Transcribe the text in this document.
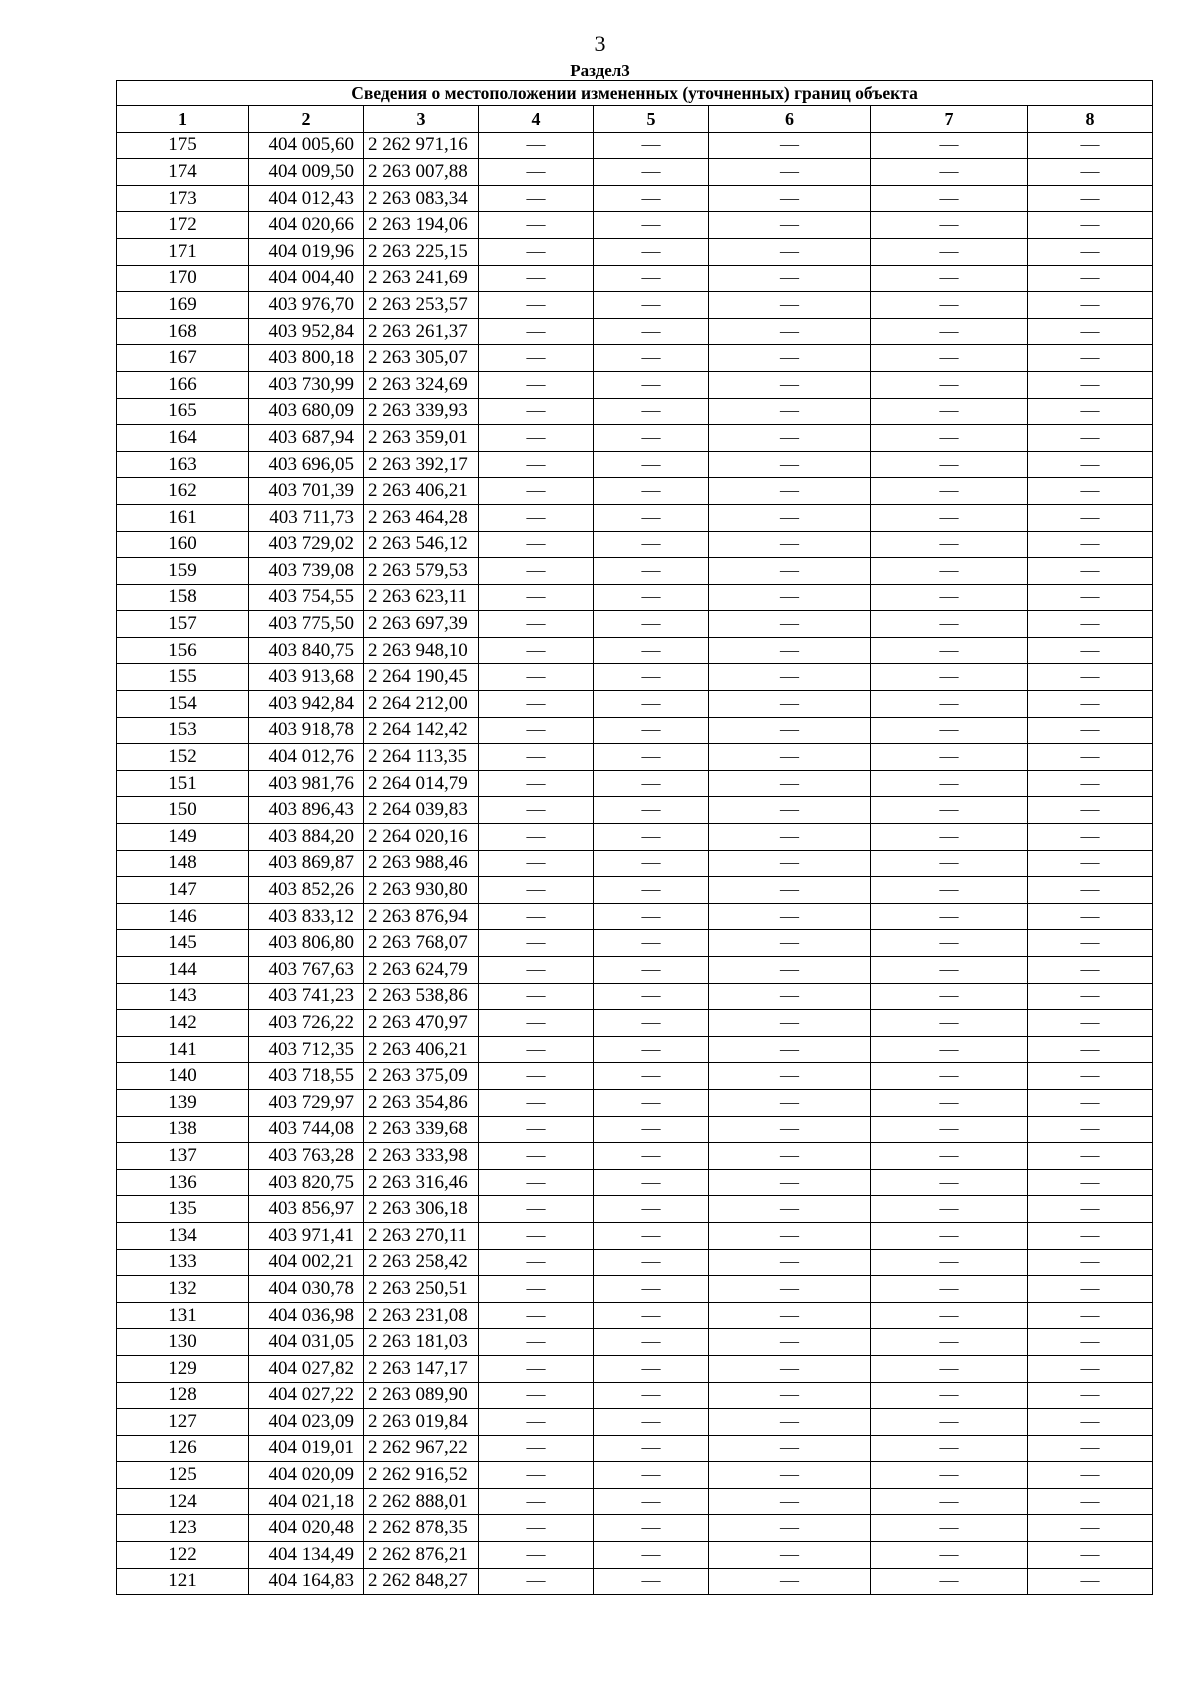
3
Раздел3
Сведения о местоположении измененных (уточненных) границ объекта							
1	2	3	4	5	6	7	8
175	404 005,60	2 262 971,16	—	—	—	—	—
174	404 009,50	2 263 007,88	—	—	—	—	—
173	404 012,43	2 263 083,34	—	—	—	—	—
172	404 020,66	2 263 194,06	—	—	—	—	—
171	404 019,96	2 263 225,15	—	—	—	—	—
170	404 004,40	2 263 241,69	—	—	—	—	—
169	403 976,70	2 263 253,57	—	—	—	—	—
168	403 952,84	2 263 261,37	—	—	—	—	—
167	403 800,18	2 263 305,07	—	—	—	—	—
166	403 730,99	2 263 324,69	—	—	—	—	—
165	403 680,09	2 263 339,93	—	—	—	—	—
164	403 687,94	2 263 359,01	—	—	—	—	—
163	403 696,05	2 263 392,17	—	—	—	—	—
162	403 701,39	2 263 406,21	—	—	—	—	—
161	403 711,73	2 263 464,28	—	—	—	—	—
160	403 729,02	2 263 546,12	—	—	—	—	—
159	403 739,08	2 263 579,53	—	—	—	—	—
158	403 754,55	2 263 623,11	—	—	—	—	—
157	403 775,50	2 263 697,39	—	—	—	—	—
156	403 840,75	2 263 948,10	—	—	—	—	—
155	403 913,68	2 264 190,45	—	—	—	—	—
154	403 942,84	2 264 212,00	—	—	—	—	—
153	403 918,78	2 264 142,42	—	—	—	—	—
152	404 012,76	2 264 113,35	—	—	—	—	—
151	403 981,76	2 264 014,79	—	—	—	—	—
150	403 896,43	2 264 039,83	—	—	—	—	—
149	403 884,20	2 264 020,16	—	—	—	—	—
148	403 869,87	2 263 988,46	—	—	—	—	—
147	403 852,26	2 263 930,80	—	—	—	—	—
146	403 833,12	2 263 876,94	—	—	—	—	—
145	403 806,80	2 263 768,07	—	—	—	—	—
144	403 767,63	2 263 624,79	—	—	—	—	—
143	403 741,23	2 263 538,86	—	—	—	—	—
142	403 726,22	2 263 470,97	—	—	—	—	—
141	403 712,35	2 263 406,21	—	—	—	—	—
140	403 718,55	2 263 375,09	—	—	—	—	—
139	403 729,97	2 263 354,86	—	—	—	—	—
138	403 744,08	2 263 339,68	—	—	—	—	—
137	403 763,28	2 263 333,98	—	—	—	—	—
136	403 820,75	2 263 316,46	—	—	—	—	—
135	403 856,97	2 263 306,18	—	—	—	—	—
134	403 971,41	2 263 270,11	—	—	—	—	—
133	404 002,21	2 263 258,42	—	—	—	—	—
132	404 030,78	2 263 250,51	—	—	—	—	—
131	404 036,98	2 263 231,08	—	—	—	—	—
130	404 031,05	2 263 181,03	—	—	—	—	—
129	404 027,82	2 263 147,17	—	—	—	—	—
128	404 027,22	2 263 089,90	—	—	—	—	—
127	404 023,09	2 263 019,84	—	—	—	—	—
126	404 019,01	2 262 967,22	—	—	—	—	—
125	404 020,09	2 262 916,52	—	—	—	—	—
124	404 021,18	2 262 888,01	—	—	—	—	—
123	404 020,48	2 262 878,35	—	—	—	—	—
122	404 134,49	2 262 876,21	—	—	—	—	—
121	404 164,83	2 262 848,27	—	—	—	—	—
